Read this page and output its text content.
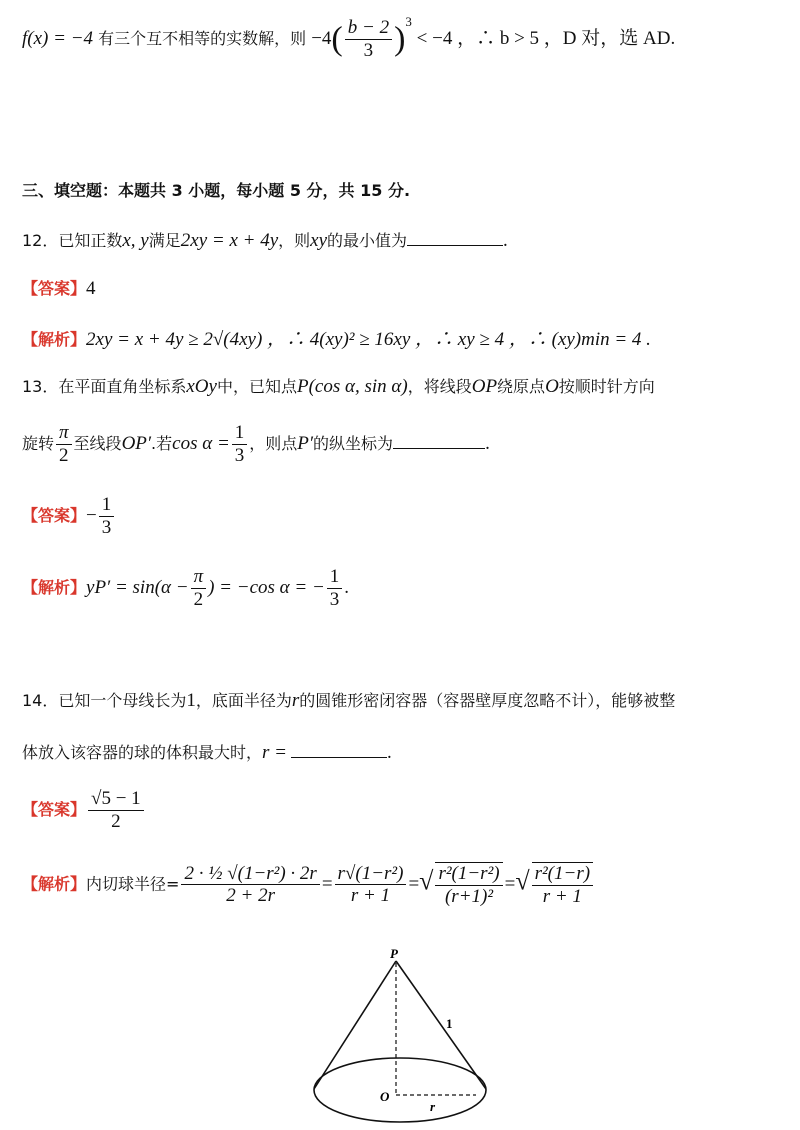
f(x) = −4 有三个互不相等的实数解，则 $-4( \frac{b - 2}{3} )^3 < -4$ ，∴ b > 5 ，D 对，选 AD.
三、填空题：本题共 3 小题，每小题 5 分，共 15 分.
12．已知正数x, y满足2xy = x + 4y，则xy的最小值为	.
【答案】4
【解析】2xy = x + 4y ≥ 2√(4xy) ，∴ 4(xy)² ≥ 16xy ，∴ xy ≥ 4 ，∴ (xy)min = 4 .
13．在平面直角坐标系xOy中，已知点P(cos α, sin α)，将线段OP绕原点O按顺时针方向
旋转 $\frac{\pi}{2}$ 至线段OP′.若$\cos \alpha = \frac{1}{3}$ ，则点P′的纵坐标为	.
【答案】− $\frac{1}{3}$
【解析】$yP' = \sin(\alpha - \frac{\pi}{2}$ ) = −cos α = − $\frac{1}{3}$ .
14．已知一个母线长为1，底面半径为r的圆锥形密闭容器（容器壁厚度忽略不计），能够被整
体放入该容器的球的体积最大时，r =	.
【答案】 $\frac{√5 - 1}{2}$
【解析】内切球半径= $\frac{\text{2 · ½ √(1−r²) · 2r}}{2 + 2r} = \frac{\text{r√(1−r²)}}{r + 1}$ =√ $\frac{\text{r²(1−r²)}}{\text{(r+1)²}}$ =√ $\frac{\text{r²(1−r)}}{r + 1}$
P
O
1
r
